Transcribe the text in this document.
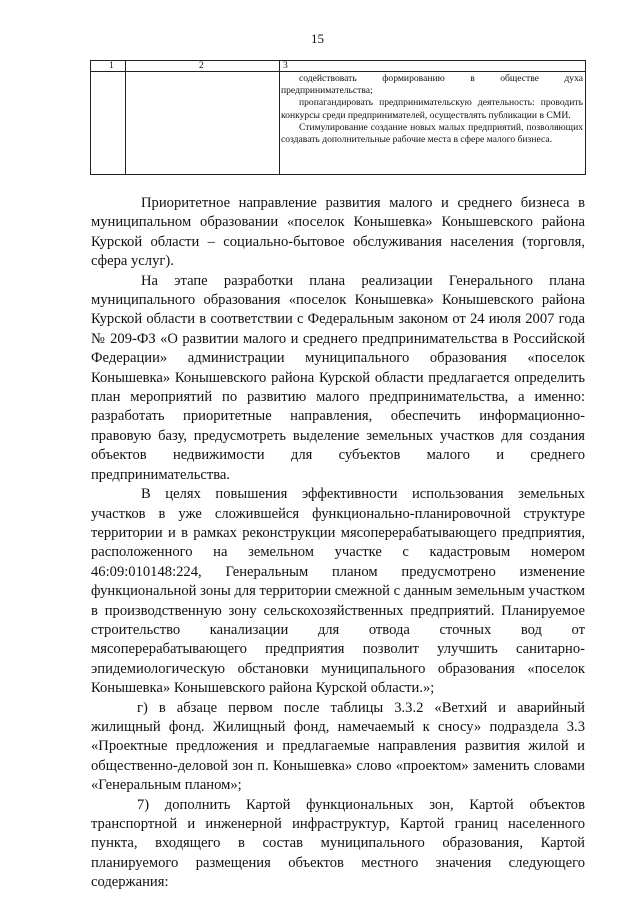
15
1	2	3

содействовать формированию в обществе духа предпринимательства;

пропагандировать предпринимательскую деятельность: проводить конкурсы среди предпринимателей, осуществлять публикации в СМИ.

Стимулирование создание новых малых предприятий, позволяющих создавать дополнительные рабочие места в сфере малого бизнеса.

Приоритетное направление развития малого и среднего бизнеса в муниципальном образовании «поселок Конышевка» Конышевского района Курской области – социально-бытовое обслуживания населения (торговля, сфера услуг).

На этапе разработки плана реализации Генерального плана муниципального образования «поселок Конышевка» Конышевского района Курской области в соответствии с Федеральным законом от 24 июля 2007 года № 209-ФЗ «О развитии малого и среднего предпринимательства в Российской Федерации» администрации муниципального образования «поселок Конышевка» Конышевского района Курской области предлагается определить план мероприятий по развитию малого предпринимательства, а именно: разработать приоритетные направления, обеспечить информационно-правовую базу, предусмотреть выделение земельных участков для создания объектов недвижимости для субъектов малого и среднего предпринимательства.

В целях повышения эффективности использования земельных участков в уже сложившейся функционально-планировочной структуре территории и в рамках реконструкции мясоперерабатывающего предприятия, расположенного на земельном участке с кадастровым номером 46:09:010148:224, Генеральным планом предусмотрено изменение функциональной зоны для территории смежной с данным земельным участком в производственную зону сельскохозяйственных предприятий. Планируемое строительство канализации для отвода сточных вод от мясоперерабатывающего предприятия позволит улучшить санитарно-эпидемиологическую обстановки муниципального образования «поселок Конышевка» Конышевского района Курской области.»;

г) в абзаце первом после таблицы 3.3.2 «Ветхий и аварийный жилищный фонд. Жилищный фонд, намечаемый к сносу» подраздела 3.3 «Проектные предложения и предлагаемые направления развития жилой и общественно-деловой зон п. Конышевка» слово «проектом» заменить словами «Генеральным планом»;

7) дополнить Картой функциональных зон, Картой объектов транспортной и инженерной инфраструктур, Картой границ населенного пункта, входящего в состав муниципального образования, Картой планируемого размещения объектов местного значения следующего содержания:
